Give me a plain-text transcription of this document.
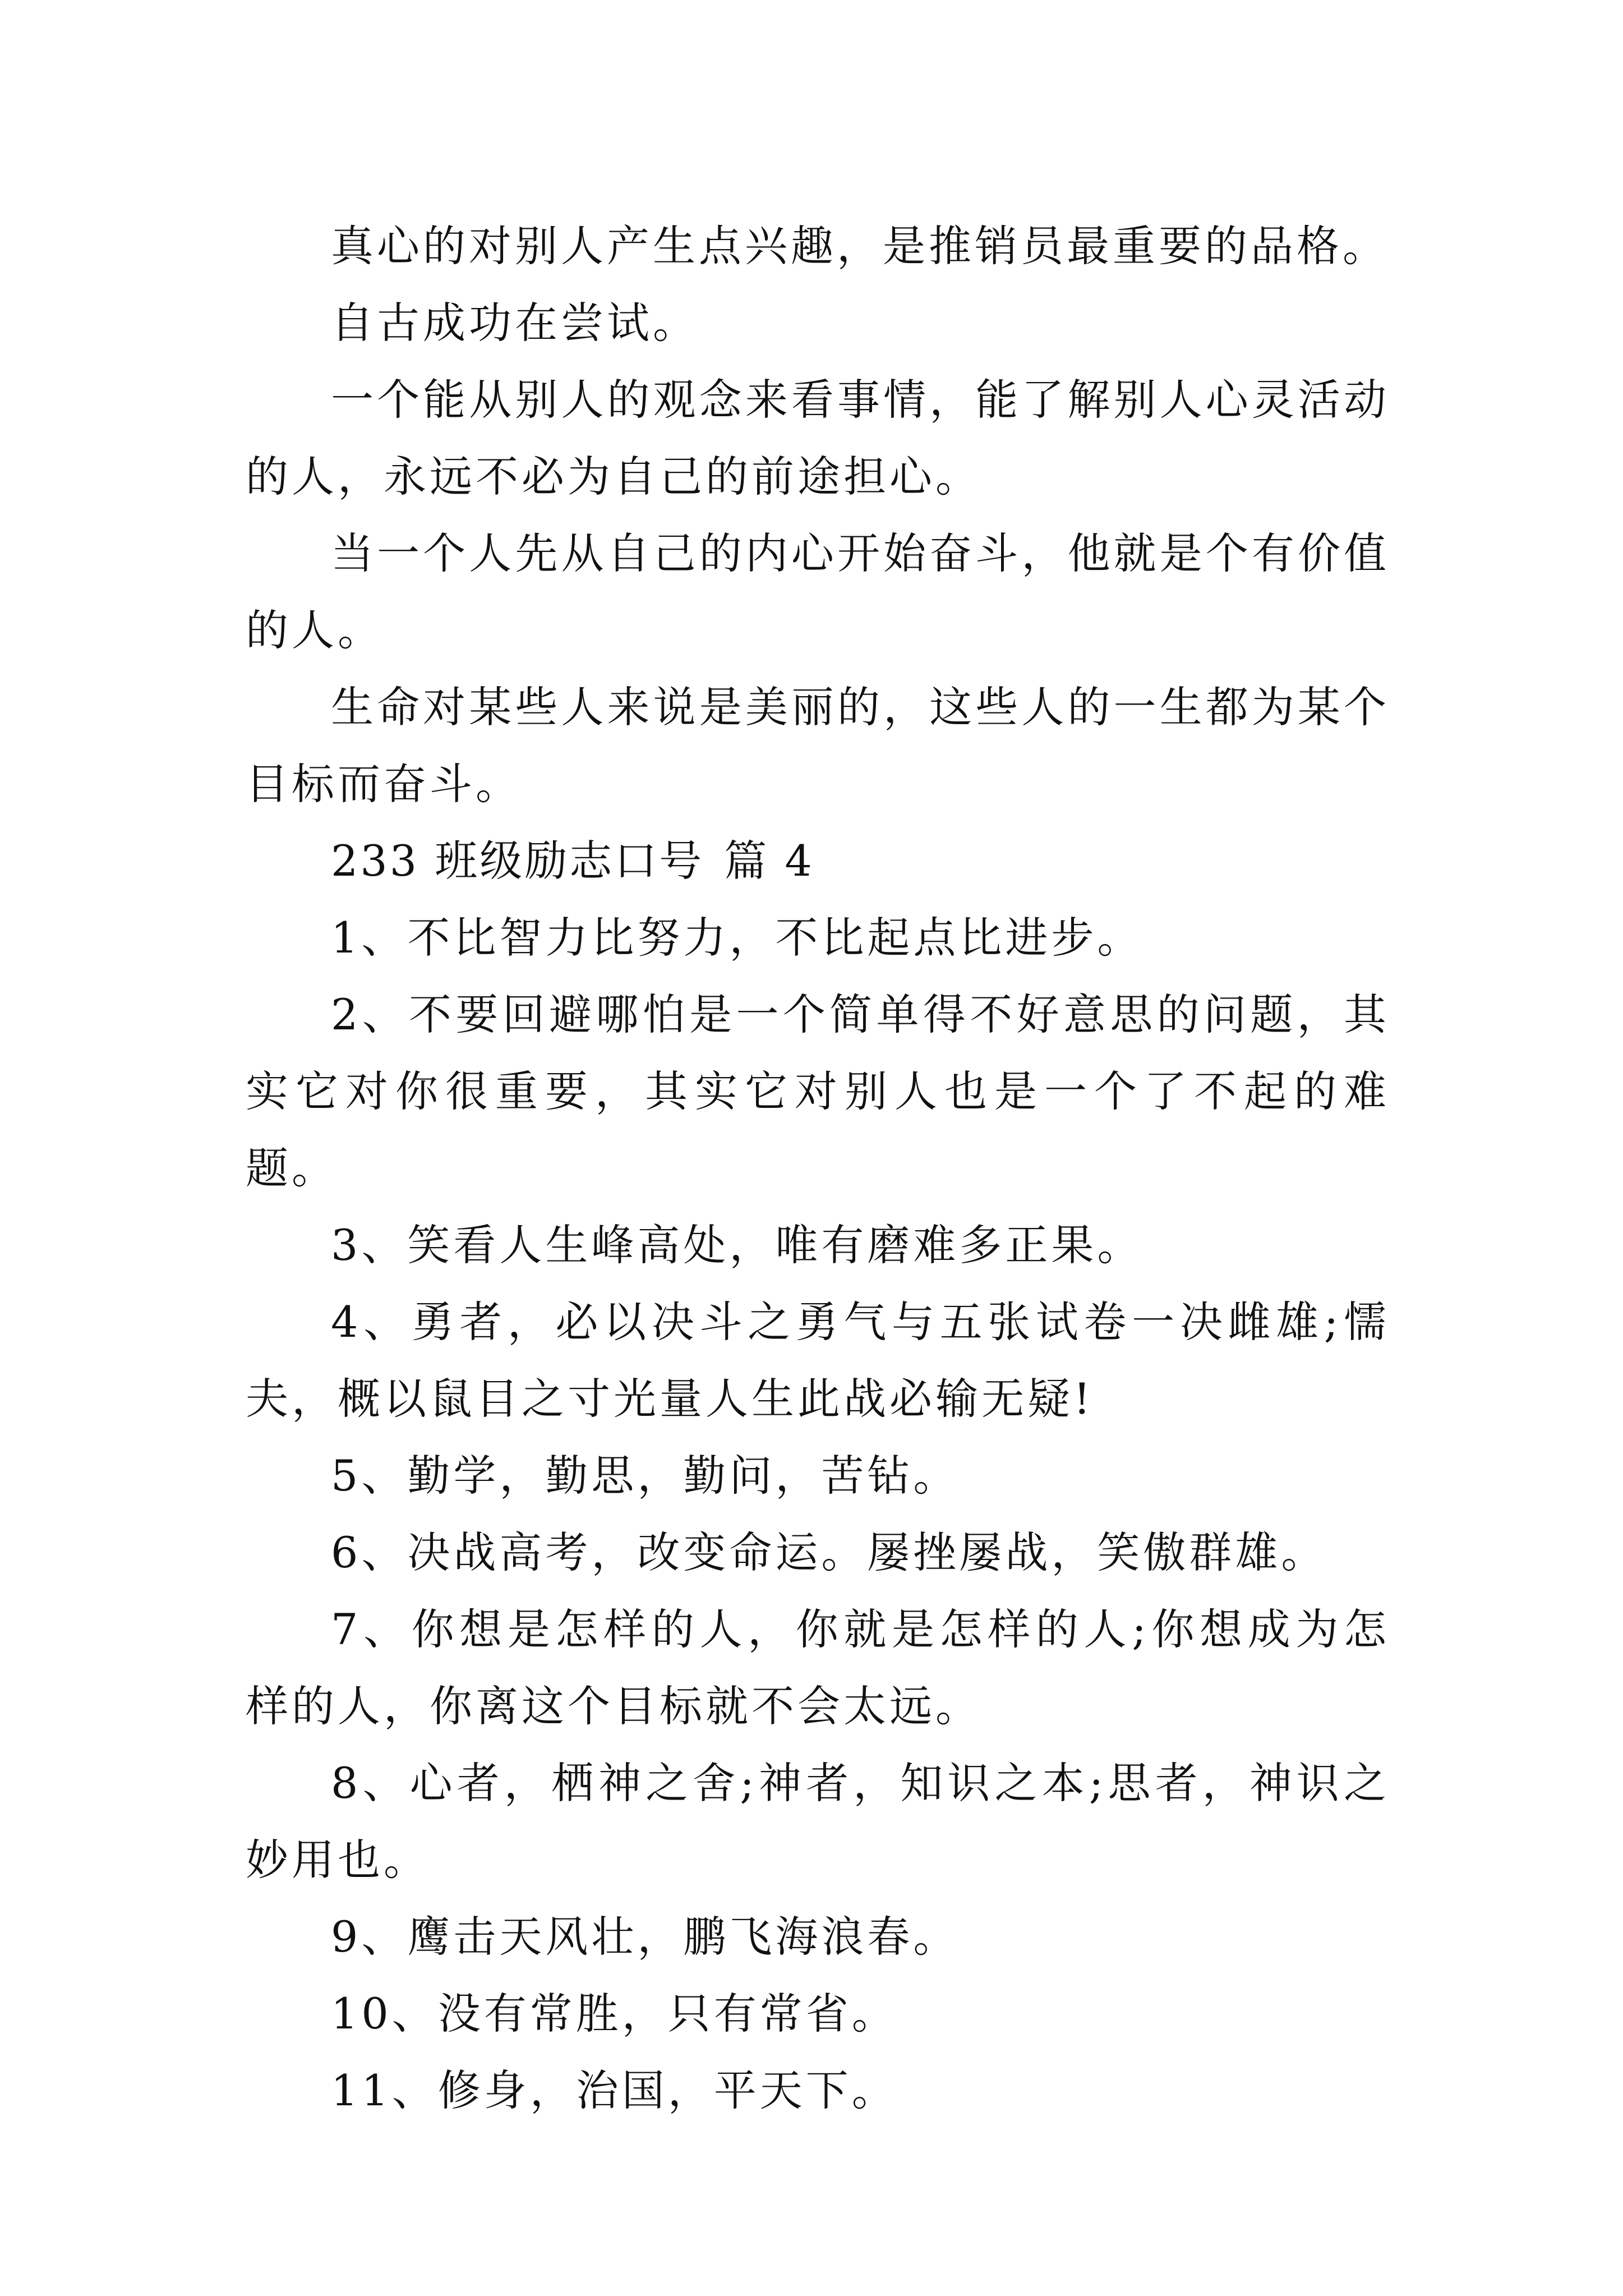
真心的对别人产生点兴趣，是推销员最重要的品格。

自古成功在尝试。

一个能从别人的观念来看事情，能了解别人心灵活动的人，永远不必为自己的前途担心。

当一个人先从自己的内心开始奋斗，他就是个有价值的人。

生命对某些人来说是美丽的，这些人的一生都为某个目标而奋斗。

233 班级励志口号 篇 4

1、不比智力比努力，不比起点比进步。

2、不要回避哪怕是一个简单得不好意思的问题，其实它对你很重要，其实它对别人也是一个了不起的难题。

3、笑看人生峰高处，唯有磨难多正果。

4、勇者，必以决斗之勇气与五张试卷一决雌雄;懦夫，概以鼠目之寸光量人生此战必输无疑!

5、勤学，勤思，勤问，苦钻。

6、决战高考，改变命运。屡挫屡战，笑傲群雄。

7、你想是怎样的人，你就是怎样的人;你想成为怎样的人，你离这个目标就不会太远。

8、心者，栖神之舍;神者，知识之本;思者，神识之妙用也。

9、鹰击天风壮，鹏飞海浪春。

10、没有常胜，只有常省。

11、修身，治国，平天下。
